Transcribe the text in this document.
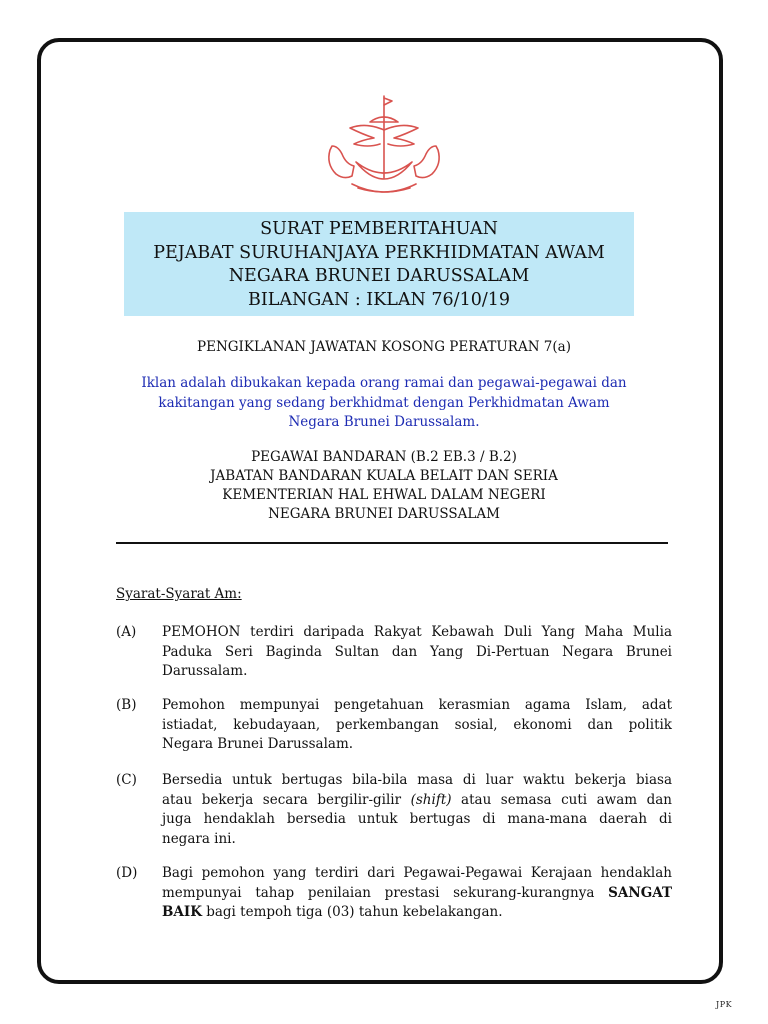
SURAT PEMBERITAHUAN
PEJABAT SURUHANJAYA PERKHIDMATAN AWAM
NEGARA BRUNEI DARUSSALAM
BILANGAN : IKLAN 76/10/19
PENGIKLANAN JAWATAN KOSONG PERATURAN 7(a)
Iklan adalah dibukakan kepada orang ramai dan pegawai-pegawai dan
kakitangan yang sedang berkhidmat dengan Perkhidmatan Awam
Negara Brunei Darussalam.
PEGAWAI BANDARAN (B.2 EB.3 / B.2)
JABATAN BANDARAN KUALA BELAIT DAN SERIA
KEMENTERIAN HAL EHWAL DALAM NEGERI
NEGARA BRUNEI DARUSSALAM
Syarat-Syarat Am:
(A)	PEMOHON terdiri daripada Rakyat Kebawah Duli Yang Maha Mulia
Paduka Seri Baginda Sultan dan Yang Di-Pertuan Negara Brunei
Darussalam.
(B)	Pemohon mempunyai pengetahuan kerasmian agama Islam, adat
istiadat, kebudayaan, perkembangan sosial, ekonomi dan politik
Negara Brunei Darussalam.
(C)	Bersedia untuk bertugas bila-bila masa di luar waktu bekerja biasa
atau bekerja secara bergilir-gilir (shift) atau semasa cuti awam dan
juga hendaklah bersedia untuk bertugas di mana-mana daerah di
negara ini.
(D)	Bagi pemohon yang terdiri dari Pegawai-Pegawai Kerajaan hendaklah
mempunyai tahap penilaian prestasi sekurang-kurangnya SANGAT
BAIK bagi tempoh tiga (03) tahun kebelakangan.
JPK
